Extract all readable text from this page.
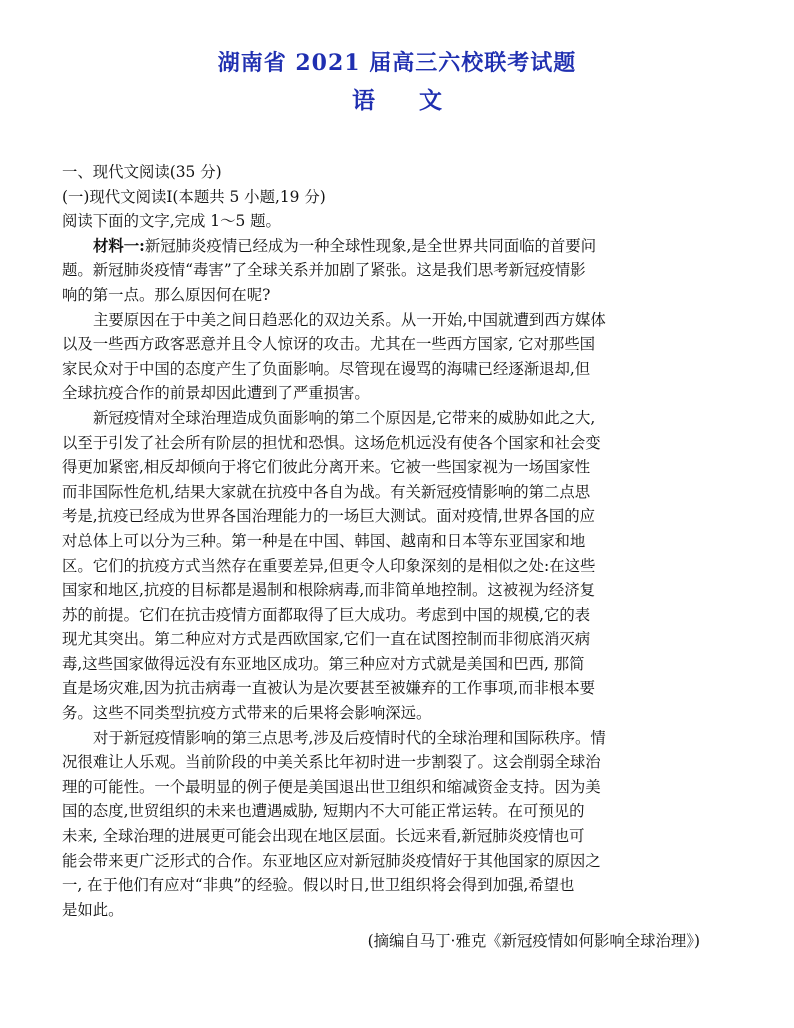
湖南省 2021 届高三六校联考试题
语文
一、现代文阅读(35 分)
(一)现代文阅读Ⅰ(本题共 5 小题,19 分)
阅读下面的文字,完成 1～5 题。
材料一:新冠肺炎疫情已经成为一种全球性现象,是全世界共同面临的首要问
题。新冠肺炎疫情“毒害”了全球关系并加剧了紧张。这是我们思考新冠疫情影
响的第一点。那么原因何在呢?
主要原因在于中美之间日趋恶化的双边关系。从一开始,中国就遭到西方媒体
以及一些西方政客恶意并且令人惊讶的攻击。尤其在一些西方国家, 它对那些国
家民众对于中国的态度产生了负面影响。尽管现在谩骂的海啸已经逐渐退却,但
全球抗疫合作的前景却因此遭到了严重损害。
新冠疫情对全球治理造成负面影响的第二个原因是,它带来的威胁如此之大,
以至于引发了社会所有阶层的担忧和恐惧。这场危机远没有使各个国家和社会变
得更加紧密,相反却倾向于将它们彼此分离开来。它被一些国家视为一场国家性
而非国际性危机,结果大家就在抗疫中各自为战。有关新冠疫情影响的第二点思
考是,抗疫已经成为世界各国治理能力的一场巨大测试。面对疫情,世界各国的应
对总体上可以分为三种。第一种是在中国、韩国、越南和日本等东亚国家和地
区。它们的抗疫方式当然存在重要差异,但更令人印象深刻的是相似之处:在这些
国家和地区,抗疫的目标都是遏制和根除病毒,而非简单地控制。这被视为经济复
苏的前提。它们在抗击疫情方面都取得了巨大成功。考虑到中国的规模,它的表
现尤其突出。第二种应对方式是西欧国家,它们一直在试图控制而非彻底消灭病
毒,这些国家做得远没有东亚地区成功。第三种应对方式就是美国和巴西, 那简
直是场灾难,因为抗击病毒一直被认为是次要甚至被嫌弃的工作事项,而非根本要
务。这些不同类型抗疫方式带来的后果将会影响深远。
对于新冠疫情影响的第三点思考,涉及后疫情时代的全球治理和国际秩序。情
况很难让人乐观。当前阶段的中美关系比年初时进一步割裂了。这会削弱全球治
理的可能性。一个最明显的例子便是美国退出世卫组织和缩减资金支持。因为美
国的态度,世贸组织的未来也遭遇威胁, 短期内不大可能正常运转。在可预见的
未来, 全球治理的进展更可能会出现在地区层面。长远来看,新冠肺炎疫情也可
能会带来更广泛形式的合作。东亚地区应对新冠肺炎疫情好于其他国家的原因之
一, 在于他们有应对“非典”的经验。假以时日,世卫组织将会得到加强,希望也
是如此。
(摘编自马丁·雅克《新冠疫情如何影响全球治理》)
